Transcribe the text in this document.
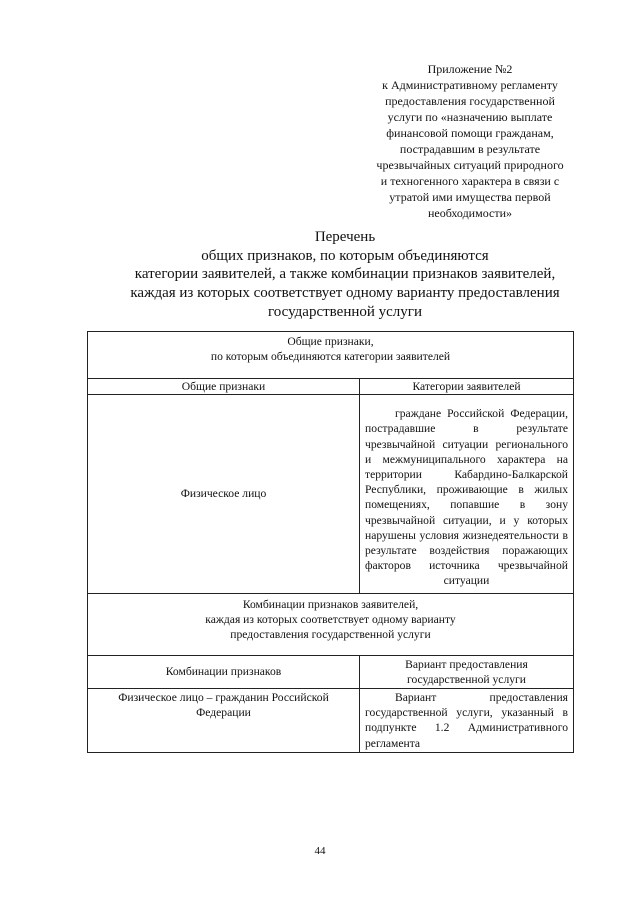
Приложение №2
к Административному регламенту
предоставления государственной
услуги по «назначению выплате
финансовой помощи гражданам,
пострадавшим в результате
чрезвычайных ситуаций природного
и техногенного характера в связи с
утратой ими имущества первой
необходимости»
Перечень
общих признаков, по которым объединяются
категории заявителей, а также комбинации признаков заявителей,
каждая из которых соответствует одному варианту предоставления
государственной услуги
Общие признаки,
по которым объединяются категории заявителей	

Общие признаки	Категории заявителей
Физическое лицо	граждане Российской Федерации, пострадавшие в результате чрезвычайной ситуации регионального и межмуниципального характера на территории Кабардино-Балкарской Республики, проживающие в жилых помещениях, попавшие в зону чрезвычайной ситуации, и у которых нарушены условия жизнедеятельности в результате воздействия поражающих факторов источника чрезвычайной ситуации

Комбинации признаков заявителей,
каждая из которых соответствует одному варианту
предоставления государственной услуги	

Комбинации признаков	Вариант предоставления государственной услуги
Физическое лицо – гражданин Российской Федерации	Вариант предоставления государственной услуги, указанный в подпункте 1.2 Административного регламента
44
